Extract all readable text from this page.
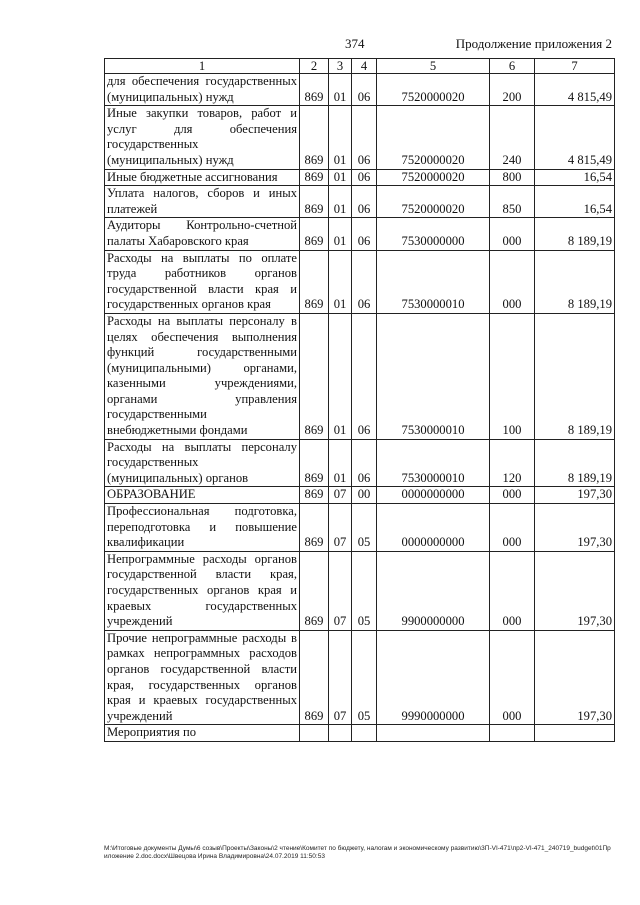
374	Продолжение приложения 2
1	2	3	4	5	6	7
для обеспечения государственных (муниципальных) нужд	869	01	06	7520000020	200	4 815,49
Иные закупки товаров, работ и услуг для обеспечения государственных (муниципальных) нужд	869	01	06	7520000020	240	4 815,49
Иные бюджетные ассигнования	869	01	06	7520000020	800	16,54
Уплата налогов, сборов и иных платежей	869	01	06	7520000020	850	16,54
Аудиторы Контрольно-счетной палаты Хабаровского края	869	01	06	7530000000	000	8 189,19
Расходы на выплаты по оплате труда работников органов государственной власти края и государственных органов края	869	01	06	7530000010	000	8 189,19
Расходы на выплаты персоналу в целях обеспечения выполнения функций государственными (муниципальными) органами, казенными учреждениями, органами управления государственными внебюджетными фондами	869	01	06	7530000010	100	8 189,19
Расходы на выплаты персоналу государственных (муниципальных) органов	869	01	06	7530000010	120	8 189,19
ОБРАЗОВАНИЕ	869	07	00	0000000000	000	197,30
Профессиональная подготовка, переподготовка и повышение квалификации	869	07	05	0000000000	000	197,30
Непрограммные расходы органов государственной власти края, государственных органов края и краевых государственных учреждений	869	07	05	9900000000	000	197,30
Прочие непрограммные расходы в рамках непрограммных расходов органов государственной власти края, государственных органов края и краевых государственных учреждений	869	07	05	9990000000	000	197,30
Мероприятия по						
M:\Итоговые документы Думы\6 созыв\Проекты\Законы\2 чтение\Комитет по бюджету, налогам и экономическому развитию\3П-VI-471\пр2-VI-471_240719_budget\01Приложение 2.doc.docx\Швецова Ирина Владимировна\24.07.2019 11:50:53
